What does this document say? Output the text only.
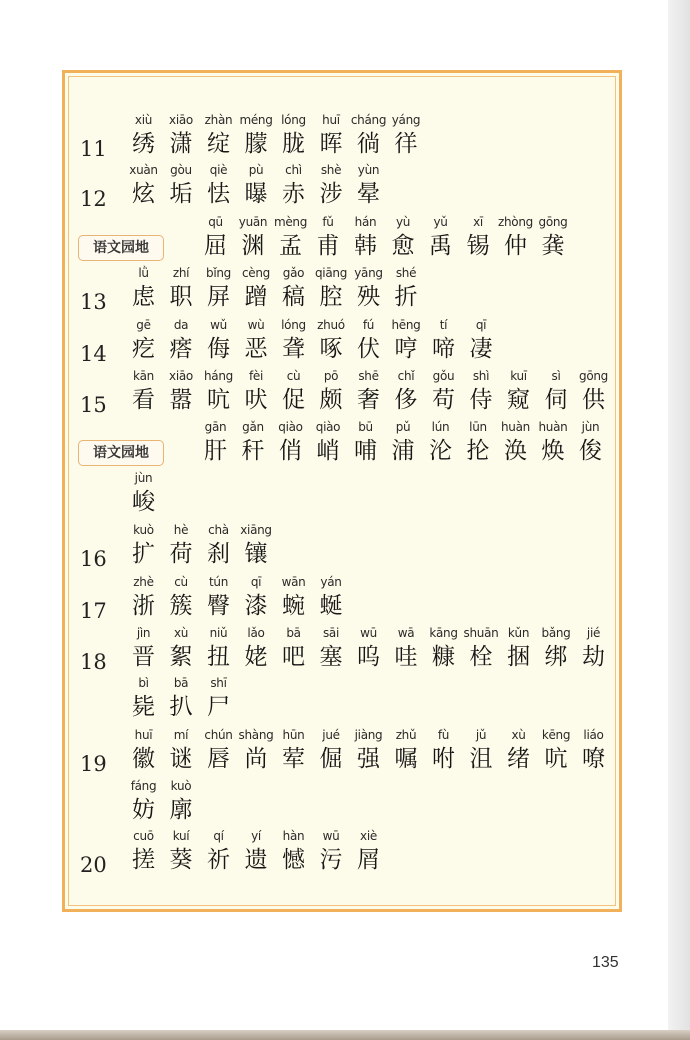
11
xiù
绣
xiāo
潇
zhàn
绽
méng
朦
lóng
胧
huī
晖
cháng
徜
yáng
徉
12
xuàn
炫
gòu
垢
qiè
怯
pù
曝
chì
赤
shè
涉
yùn
晕
语文园地
qū
屈
yuān
渊
mèng
孟
fǔ
甫
hán
韩
yù
愈
yǔ
禹
xī
锡
zhòng
仲
gōng
龚
13
lǜ
虑
zhí
职
bǐng
屏
cèng
蹭
gǎo
稿
qiāng
腔
yāng
殃
shé
折
14
gē
疙
da
瘩
wǔ
侮
wù
恶
lóng
聋
zhuó
啄
fú
伏
hēng
哼
tí
啼
qī
凄
15
kān
看
xiāo
嚣
háng
吭
fèi
吠
cù
促
pō
颇
shē
奢
chǐ
侈
gǒu
苟
shì
侍
kuī
窥
sì
伺
gōng
供
语文园地
gān
肝
gǎn
秆
qiào
俏
qiào
峭
bū
哺
pǔ
浦
lún
沦
lūn
抡
huàn
涣
huàn
焕
jùn
俊
jùn
峻
16
kuò
扩
hè
荷
chà
刹
xiāng
镶
17
zhè
浙
cù
簇
tún
臀
qī
漆
wān
蜿
yán
蜒
18
jìn
晋
xù
絮
niǔ
扭
lǎo
姥
bā
吧
sāi
塞
wū
呜
wā
哇
kāng
糠
shuān
栓
kǔn
捆
bǎng
绑
jié
劫
bì
毙
bā
扒
shī
尸
19
huī
徽
mí
谜
chún
唇
shàng
尚
hūn
荤
jué
倔
jiàng
强
zhǔ
嘱
fù
咐
jǔ
沮
xù
绪
kēng
吭
liáo
嘹
fáng
妨
kuò
廓
20
cuō
搓
kuí
葵
qí
祈
yí
遗
hàn
憾
wū
污
xiè
屑
135
